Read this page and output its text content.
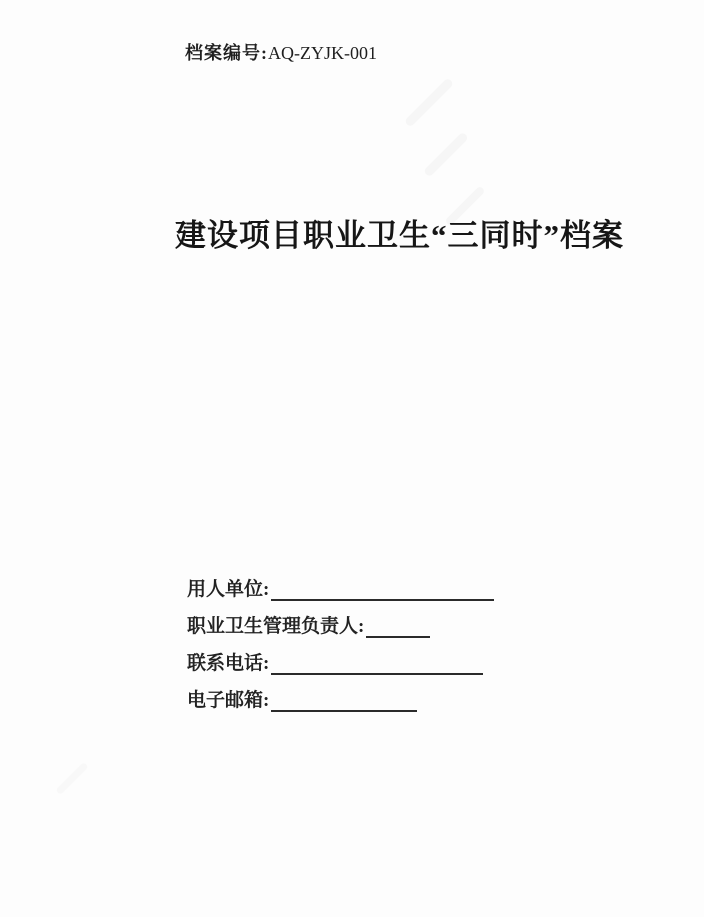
档案编号:AQ-ZYJK-001
建设项目职业卫生“三同时”档案
用人单位:
职业卫生管理负责人:
联系电话:
电子邮箱:
